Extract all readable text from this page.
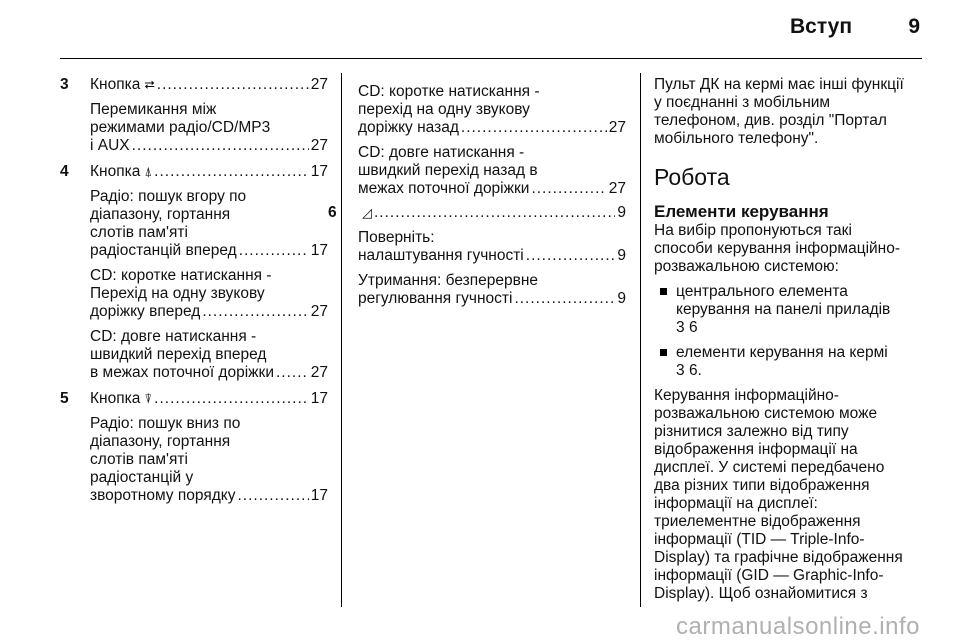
Вступ	9
3 Кнопка ⮂ .....	27
Перемикання між
режимами радіо/CD/MP3
і AUX .....	27
4 Кнопка ⍋ .....	17
Радіо: пошук вгору по
діапазону, гортання
слотів пам'яті
радіостанцій вперед .....	17
CD: коротке натискання -
Перехід на одну звукову
доріжку вперед .....	27
CD: довге натискання -
швидкий перехід вперед
в межах поточної доріжки ..... 27
5 Кнопка ⍒ .....	17
Радіо: пошук вниз по
діапазону, гортання
слотів пам'яті
радіостанцій у
зворотному порядку .....	17
CD: коротке натискання -
перехід на одну звукову
доріжку назад .....	27
CD: довге натискання -
швидкий перехід назад в
межах поточної доріжки .....	27
6 ◿ .....	9
Поверніть:
налаштування гучності .....	9
Утримання: безперервне
регулювання гучності .....	9
Пульт ДК на кермі має інші функції
у поєднанні з мобільним
телефоном, див. розділ "Портал
мобільного телефону".
Робота
Елементи керування
На вибір пропонуються такі
способи керування інформаційно-
розважальною системою:
центрального елемента
керування на панелі приладів
3 6
елементи керування на кермі
3 6.
Керування інформаційно-
розважальною системою може
різнитися залежно від типу
відображення інформації на
дисплеї. У системі передбачено
два різних типи відображення
інформації на дисплеї:
триелементне відображення
інформації (TID — Triple-Info-
Display) та графічне відображення
інформації (GID — Graphic-Info-
Display). Щоб ознайомитися з
carmanualsonline.info
